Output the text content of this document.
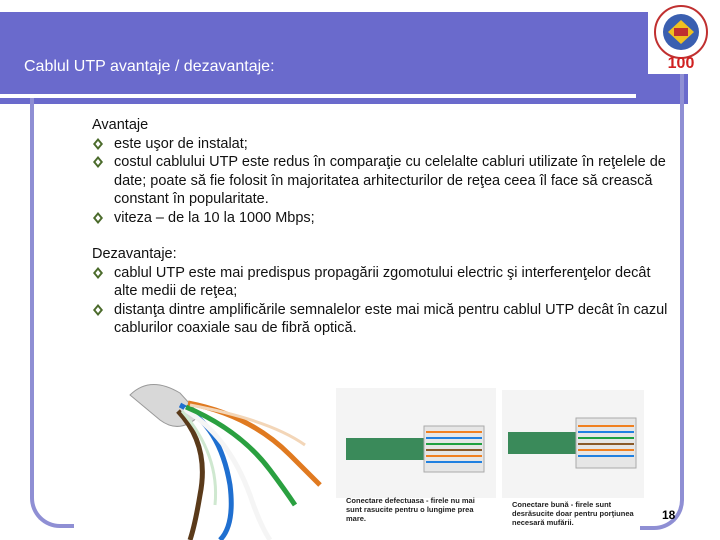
Cablul UTP avantaje / dezavantaje:	100

Avantaje

este uşor de instalat;
costul cablului UTP este redus în comparaţie cu celelalte cabluri utilizate în reţelele de date; poate să fie folosit în majoritatea arhitecturilor de reţea ceea îl face să crească constant în popularitate.
viteza – de la 10 la 1000 Mbps;

Dezavantaje:

cablul UTP este mai predispus propagării zgomotului electric şi interferenţelor decât alte medii de reţea;
distanţa dintre amplificările semnalelor este mai mică pentru cablul UTP decât în cazul cablurilor coaxiale sau de fibră optică.
Conectare defectuasa - firele nu mai sunt rasucite pentru o lungime prea mare.
Conectare bună - firele sunt desrăsucite doar pentru porţiunea necesară mufării.
18
